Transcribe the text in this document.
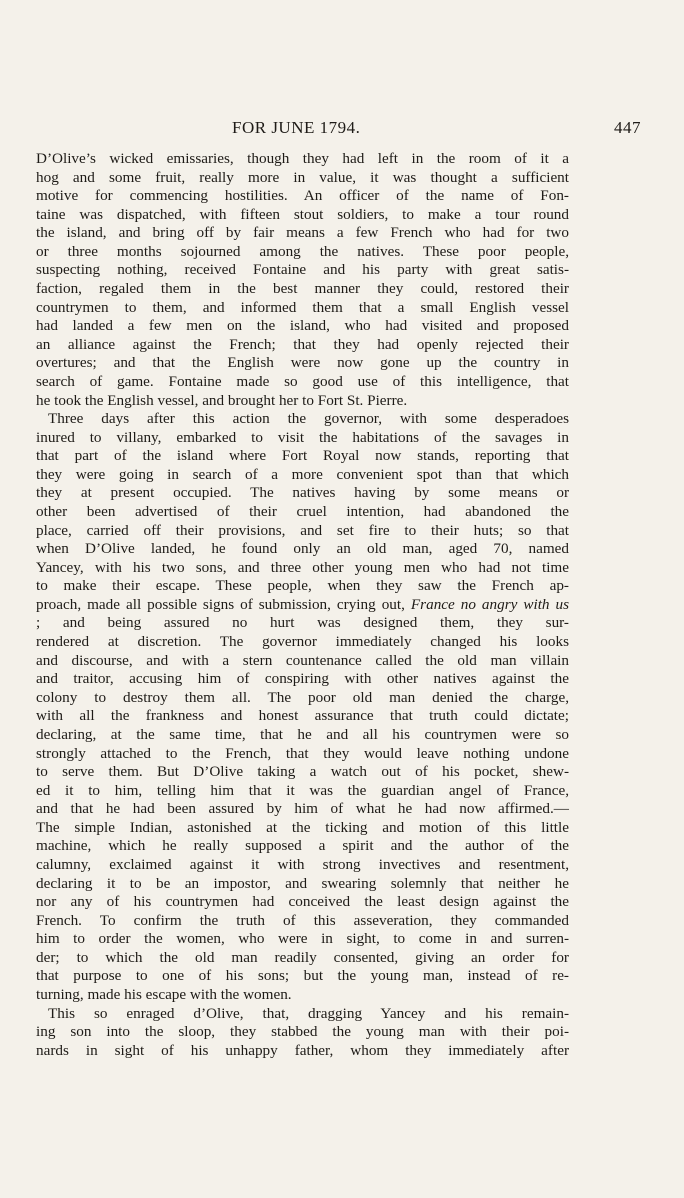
FOR JUNE 1794.	447
D’Olive’s wicked emissaries, though they had left in the room of it a
hog and some fruit, really more in value, it was thought a sufficient
motive for commencing hostilities. An officer of the name of Fon-
taine was dispatched, with fifteen stout soldiers, to make a tour round
the island, and bring off by fair means a few French who had for two
or three months sojourned among the natives. These poor people,
suspecting nothing, received Fontaine and his party with great satis-
faction, regaled them in the best manner they could, restored their
countrymen to them, and informed them that a small English vessel
had landed a few men on the island, who had visited and proposed
an alliance against the French; that they had openly rejected their
overtures; and that the English were now gone up the country in
search of game. Fontaine made so good use of this intelligence, that
he took the English vessel, and brought her to Fort St. Pierre.
Three days after this action the governor, with some desperadoes
inured to villany, embarked to visit the habitations of the savages in
that part of the island where Fort Royal now stands, reporting that
they were going in search of a more convenient spot than that which
they at present occupied. The natives having by some means or
other been advertised of their cruel intention, had abandoned the
place, carried off their provisions, and set fire to their huts; so that
when D’Olive landed, he found only an old man, aged 70, named
Yancey, with his two sons, and three other young men who had not time
to make their escape. These people, when they saw the French ap-
proach, made all possible signs of submission, crying out, France no angry with us
; and being assured no hurt was designed them, they sur-
rendered at discretion. The governor immediately changed his looks
and discourse, and with a stern countenance called the old man villain
and traitor, accusing him of conspiring with other natives against the
colony to destroy them all. The poor old man denied the charge,
with all the frankness and honest assurance that truth could dictate;
declaring, at the same time, that he and all his countrymen were so
strongly attached to the French, that they would leave nothing undone
to serve them. But D’Olive taking a watch out of his pocket, shew-
ed it to him, telling him that it was the guardian angel of France,
and that he had been assured by him of what he had now affirmed.—
The simple Indian, astonished at the ticking and motion of this little
machine, which he really supposed a spirit and the author of the
calumny, exclaimed against it with strong invectives and resentment,
declaring it to be an impostor, and swearing solemnly that neither he
nor any of his countrymen had conceived the least design against the
French. To confirm the truth of this asseveration, they commanded
him to order the women, who were in sight, to come in and surren-
der; to which the old man readily consented, giving an order for
that purpose to one of his sons; but the young man, instead of re-
turning, made his escape with the women.
This so enraged d’Olive, that, dragging Yancey and his remain-
ing son into the sloop, they stabbed the young man with their poi-
nards in sight of his unhappy father, whom they immediately after
